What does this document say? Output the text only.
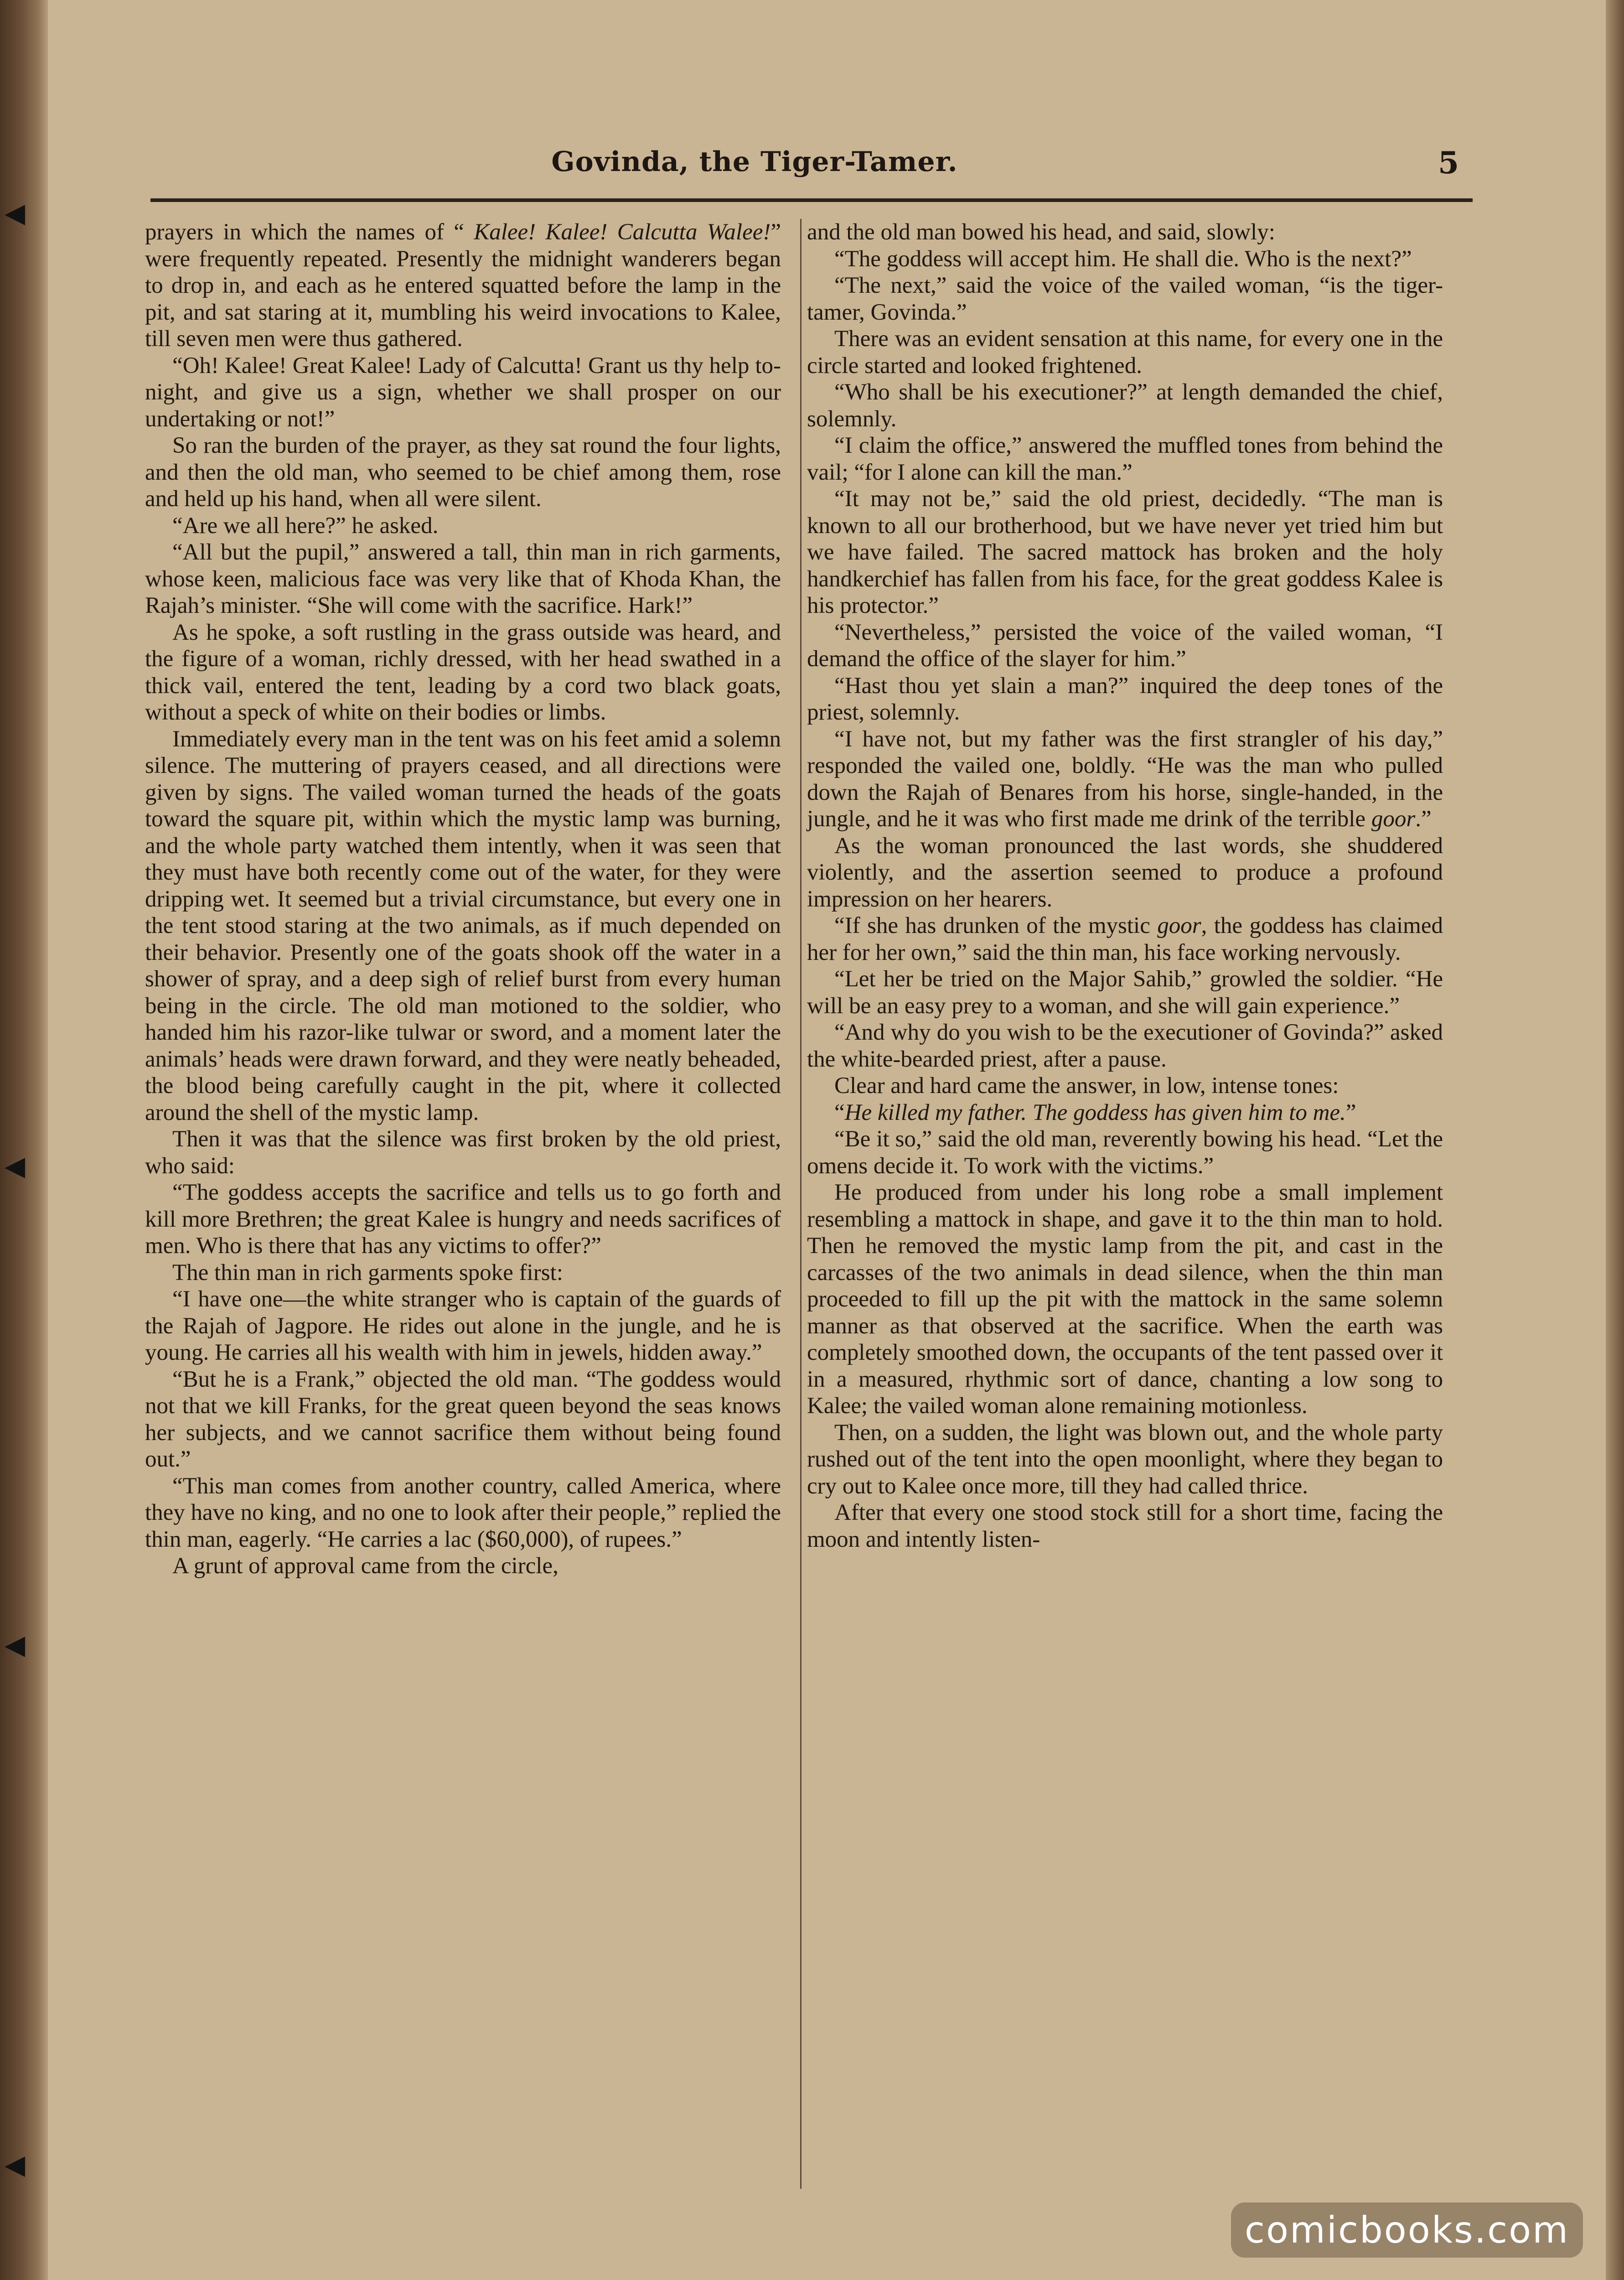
◂
◂
◂
◂
Govinda, the Tiger-Tamer.	5

prayers in which the names of “ Kalee! Kalee! Calcutta Walee!” were frequently repeated. Presently the midnight wanderers began to drop in, and each as he entered squatted before the lamp in the pit, and sat staring at it, mumbling his weird invocations to Kalee, till seven men were thus gathered.

“Oh! Kalee! Great Kalee! Lady of Calcutta! Grant us thy help to-night, and give us a sign, whether we shall prosper on our undertaking or not!”

So ran the burden of the prayer, as they sat round the four lights, and then the old man, who seemed to be chief among them, rose and held up his hand, when all were silent.

“Are we all here?” he asked.

“All but the pupil,” answered a tall, thin man in rich garments, whose keen, malicious face was very like that of Khoda Khan, the Rajah’s minister. “She will come with the sacrifice. Hark!”

As he spoke, a soft rustling in the grass outside was heard, and the figure of a woman, richly dressed, with her head swathed in a thick vail, entered the tent, leading by a cord two black goats, without a speck of white on their bodies or limbs.

Immediately every man in the tent was on his feet amid a solemn silence. The muttering of prayers ceased, and all directions were given by signs. The vailed woman turned the heads of the goats toward the square pit, within which the mystic lamp was burning, and the whole party watched them intently, when it was seen that they must have both recently come out of the water, for they were dripping wet. It seemed but a trivial circumstance, but every one in the tent stood staring at the two animals, as if much depended on their behavior. Presently one of the goats shook off the water in a shower of spray, and a deep sigh of relief burst from every human being in the circle. The old man motioned to the soldier, who handed him his razor-like tulwar or sword, and a moment later the animals’ heads were drawn forward, and they were neatly beheaded, the blood being carefully caught in the pit, where it collected around the shell of the mystic lamp.

Then it was that the silence was first broken by the old priest, who said:

“The goddess accepts the sacrifice and tells us to go forth and kill more Brethren; the great Kalee is hungry and needs sacrifices of men. Who is there that has any victims to offer?”

The thin man in rich garments spoke first:

“I have one—the white stranger who is captain of the guards of the Rajah of Jagpore. He rides out alone in the jungle, and he is young. He carries all his wealth with him in jewels, hidden away.”

“But he is a Frank,” objected the old man. “The goddess would not that we kill Franks, for the great queen beyond the seas knows her subjects, and we cannot sacrifice them without being found out.”

“This man comes from another country, called America, where they have no king, and no one to look after their people,” replied the thin man, eagerly. “He carries a lac ($60,000), of rupees.”

A grunt of approval came from the circle,

and the old man bowed his head, and said, slowly:

“The goddess will accept him. He shall die. Who is the next?”

“The next,” said the voice of the vailed woman, “is the tiger-tamer, Govinda.”

There was an evident sensation at this name, for every one in the circle started and looked frightened.

“Who shall be his executioner?” at length demanded the chief, solemnly.

“I claim the office,” answered the muffled tones from behind the vail; “for I alone can kill the man.”

“It may not be,” said the old priest, decidedly. “The man is known to all our brotherhood, but we have never yet tried him but we have failed. The sacred mattock has broken and the holy handkerchief has fallen from his face, for the great goddess Kalee is his protector.”

“Nevertheless,” persisted the voice of the vailed woman, “I demand the office of the slayer for him.”

“Hast thou yet slain a man?” inquired the deep tones of the priest, solemnly.

“I have not, but my father was the first strangler of his day,” responded the vailed one, boldly. “He was the man who pulled down the Rajah of Benares from his horse, single-handed, in the jungle, and he it was who first made me drink of the terrible goor.”

As the woman pronounced the last words, she shuddered violently, and the assertion seemed to produce a profound impression on her hearers.

“If she has drunken of the mystic goor, the goddess has claimed her for her own,” said the thin man, his face working nervously.

“Let her be tried on the Major Sahib,” growled the soldier. “He will be an easy prey to a woman, and she will gain experience.”

“And why do you wish to be the executioner of Govinda?” asked the white-bearded priest, after a pause.

Clear and hard came the answer, in low, intense tones:

“He killed my father. The goddess has given him to me.”

“Be it so,” said the old man, reverently bowing his head. “Let the omens decide it. To work with the victims.”

He produced from under his long robe a small implement resembling a mattock in shape, and gave it to the thin man to hold. Then he removed the mystic lamp from the pit, and cast in the carcasses of the two animals in dead silence, when the thin man proceeded to fill up the pit with the mattock in the same solemn manner as that observed at the sacrifice. When the earth was completely smoothed down, the occupants of the tent passed over it in a measured, rhythmic sort of dance, chanting a low song to Kalee; the vailed woman alone remaining motionless.

Then, on a sudden, the light was blown out, and the whole party rushed out of the tent into the open moonlight, where they began to cry out to Kalee once more, till they had called thrice.

After that every one stood stock still for a short time, facing the moon and intently listen-

comicbooks.com
